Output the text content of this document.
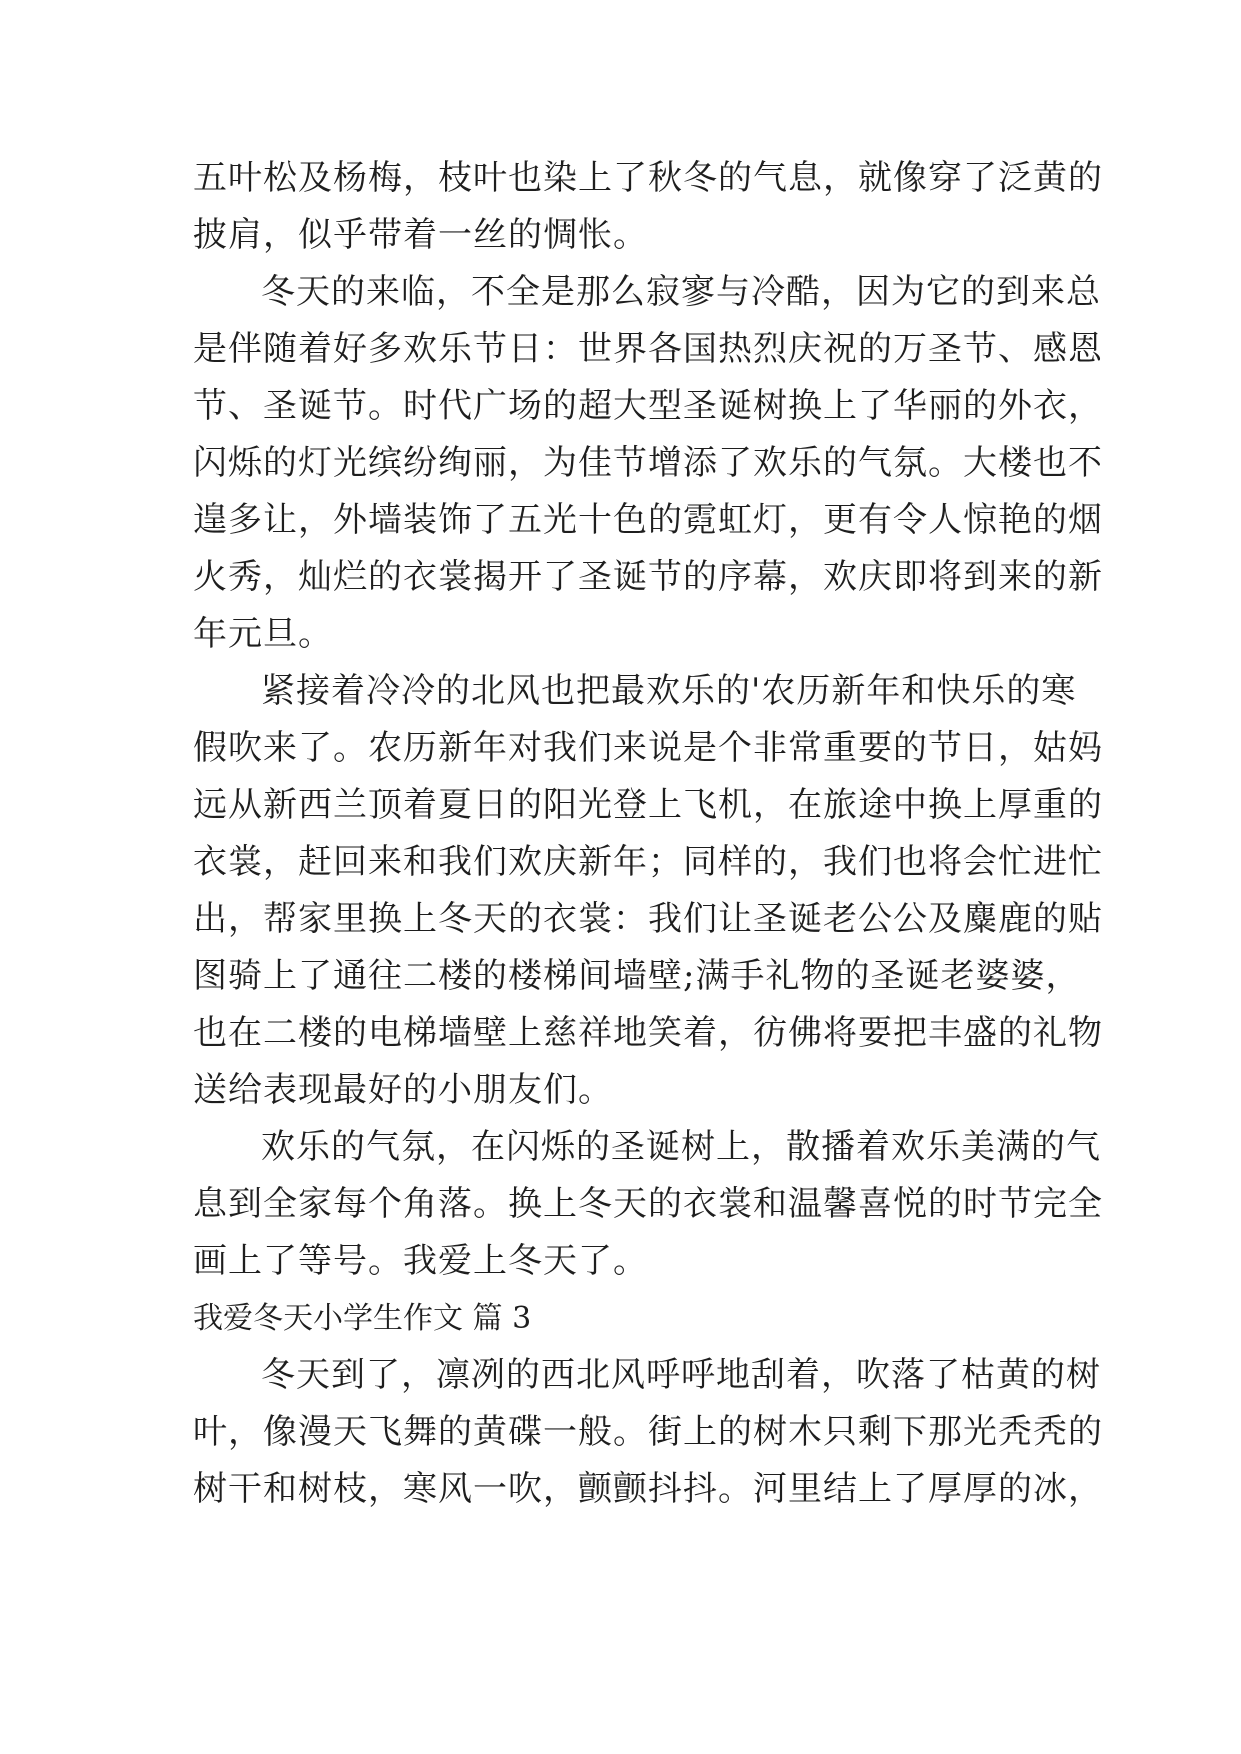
五叶松及杨梅，枝叶也染上了秋冬的气息，就像穿了泛黄的
披肩，似乎带着一丝的惆怅。
冬天的来临，不全是那么寂寥与冷酷，因为它的到来总
是伴随着好多欢乐节日：世界各国热烈庆祝的万圣节、感恩
节、圣诞节。时代广场的超大型圣诞树换上了华丽的外衣，
闪烁的灯光缤纷绚丽，为佳节增添了欢乐的气氛。大楼也不
遑多让，外墙装饰了五光十色的霓虹灯，更有令人惊艳的烟
火秀，灿烂的衣裳揭开了圣诞节的序幕，欢庆即将到来的新
年元旦。
紧接着冷冷的北风也把最欢乐的'农历新年和快乐的寒
假吹来了。农历新年对我们来说是个非常重要的节日，姑妈
远从新西兰顶着夏日的阳光登上飞机，在旅途中换上厚重的
衣裳，赶回来和我们欢庆新年；同样的，我们也将会忙进忙
出，帮家里换上冬天的衣裳：我们让圣诞老公公及麋鹿的贴
图骑上了通往二楼的楼梯间墙壁;满手礼物的圣诞老婆婆，
也在二楼的电梯墙壁上慈祥地笑着，彷佛将要把丰盛的礼物
送给表现最好的小朋友们。
欢乐的气氛，在闪烁的圣诞树上，散播着欢乐美满的气
息到全家每个角落。换上冬天的衣裳和温馨喜悦的时节完全
画上了等号。我爱上冬天了。
我爱冬天小学生作文 篇 3
冬天到了，凛冽的西北风呼呼地刮着，吹落了枯黄的树
叶，像漫天飞舞的黄碟一般。街上的树木只剩下那光秃秃的
树干和树枝，寒风一吹，颤颤抖抖。河里结上了厚厚的冰，
